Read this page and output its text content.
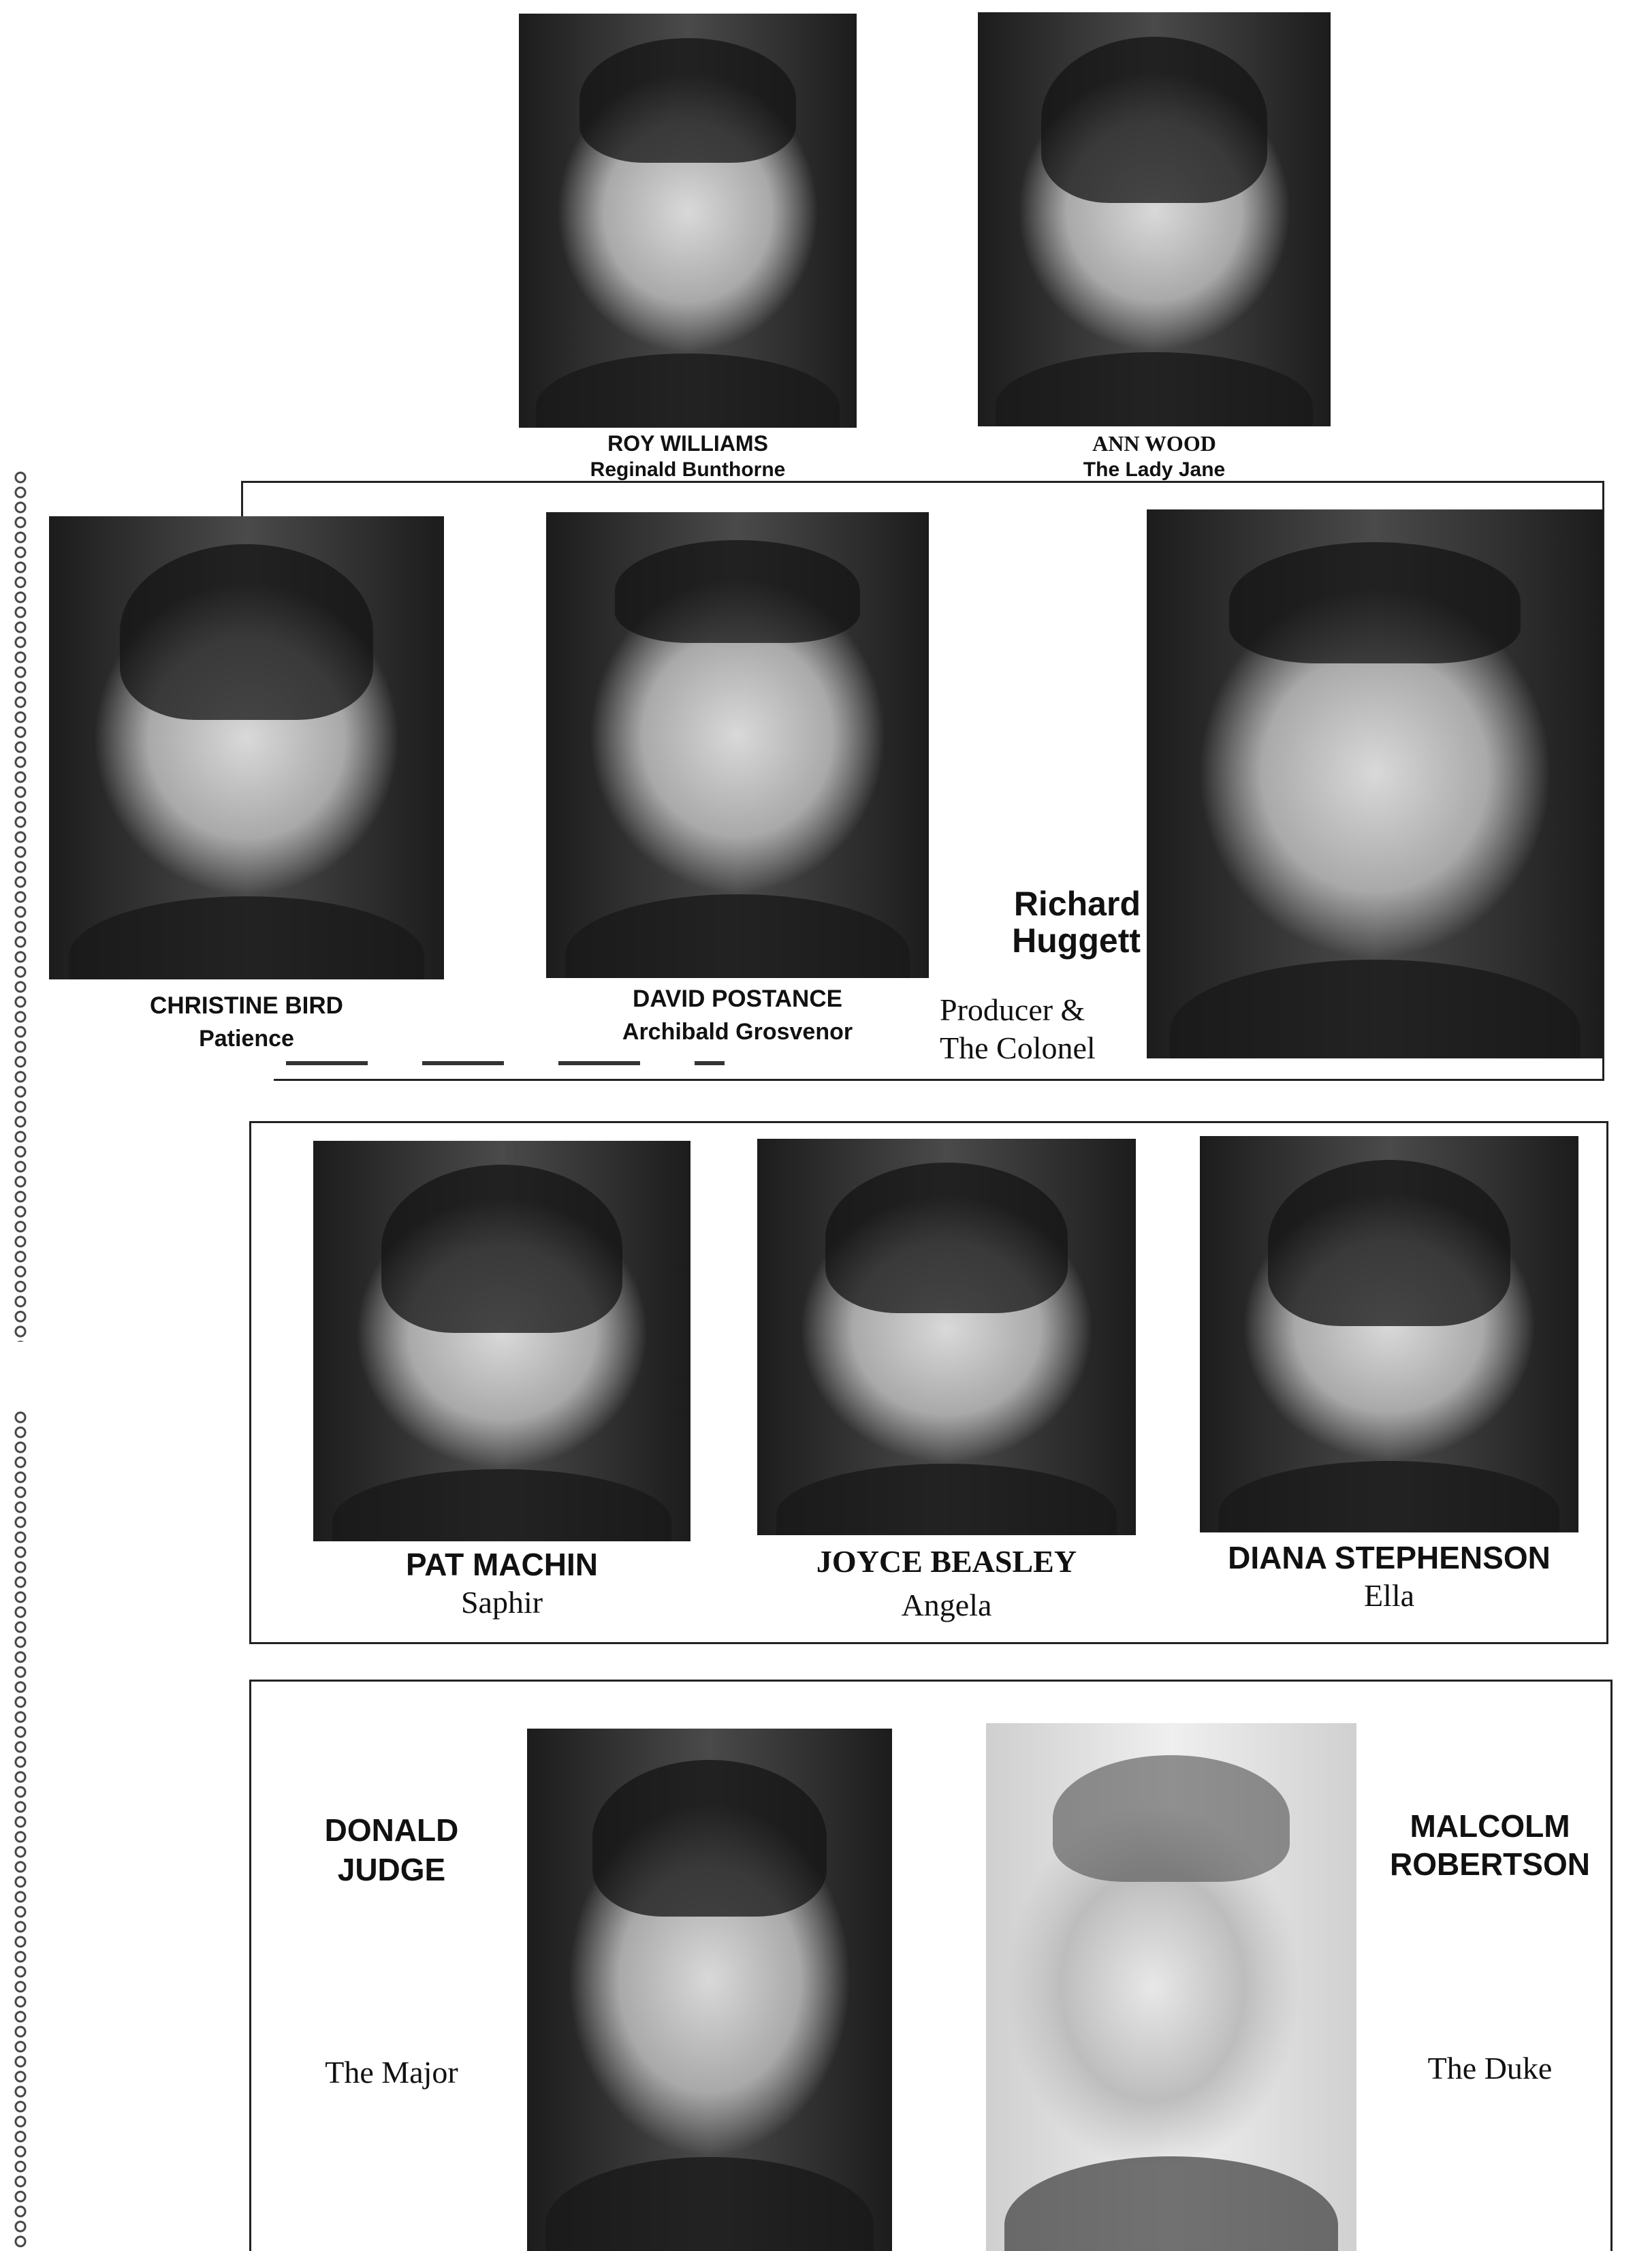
ROY WILLIAMS
Reginald Bunthorne
ANN WOOD
The Lady Jane
CHRISTINE BIRD
Patience
DAVID POSTANCE
Archibald Grosvenor
Richard
Huggett
Producer &
The Colonel
PAT MACHIN
Saphir
JOYCE BEASLEY
Angela
DIANA STEPHENSON
Ella
DONALD
JUDGE
The Major
MALCOLM
ROBERTSON
The Duke
